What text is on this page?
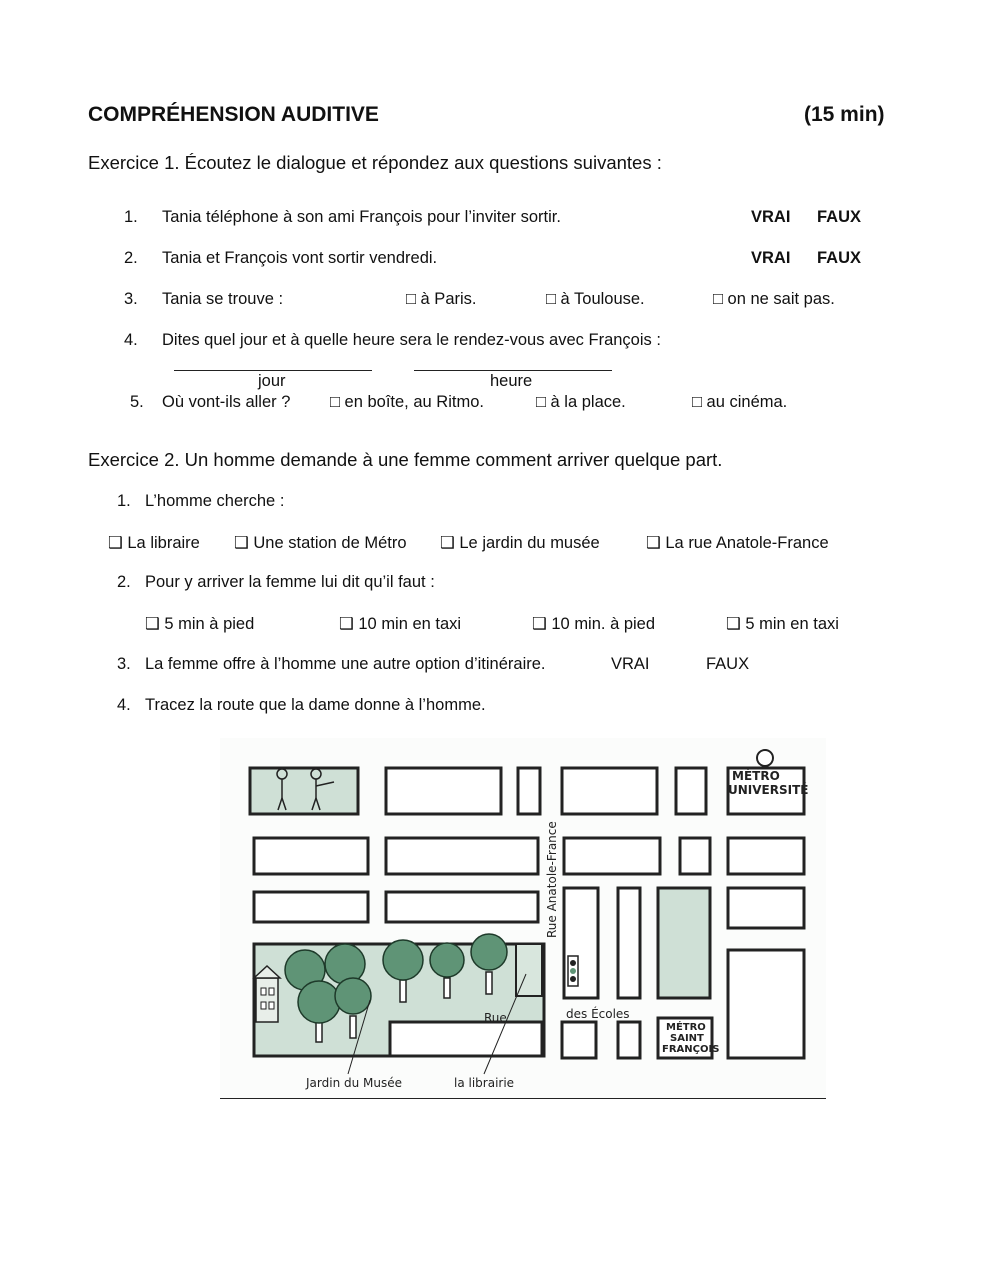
COMPRÉHENSION AUDITIVE	(15 min)
Exercice 1. Écoutez le dialogue et répondez aux questions suivantes :
1. Tania téléphone à son ami François pour l’inviter sortir.	VRAI FAUX
2. Tania et François vont sortir vendredi.	VRAI FAUX
3. Tania se trouve :	□ à Paris.	□ à Toulouse.	□ on ne sait pas.
4. Dites quel jour et à quelle heure sera le rendez-vous avec François :
jour	heure
5. Où vont-ils aller ? □ en boîte, au Ritmo.	□ à la place.	□ au cinéma.
Exercice 2. Un homme demande à une femme comment arriver quelque part.
1. L’homme cherche :
❑ La libraire ❑ Une station de Métro ❑ Le jardin du musée	❑ La rue Anatole-France
2. Pour y arriver la femme lui dit qu’il faut :
❑ 5 min à pied	❑ 10 min en taxi	❑ 10 min. à pied	❑ 5 min en taxi
3. La femme offre à l’homme une autre option d’itinéraire.	VRAI	FAUX
4. Tracez la route que la dame donne à l’homme.
MÉTRO
UNIVERSITÉ
Rue Anatole-France
Rue	des Écoles
MÉTRO
SAINT
FRANÇOIS
Jardin du Musée	la librairie
